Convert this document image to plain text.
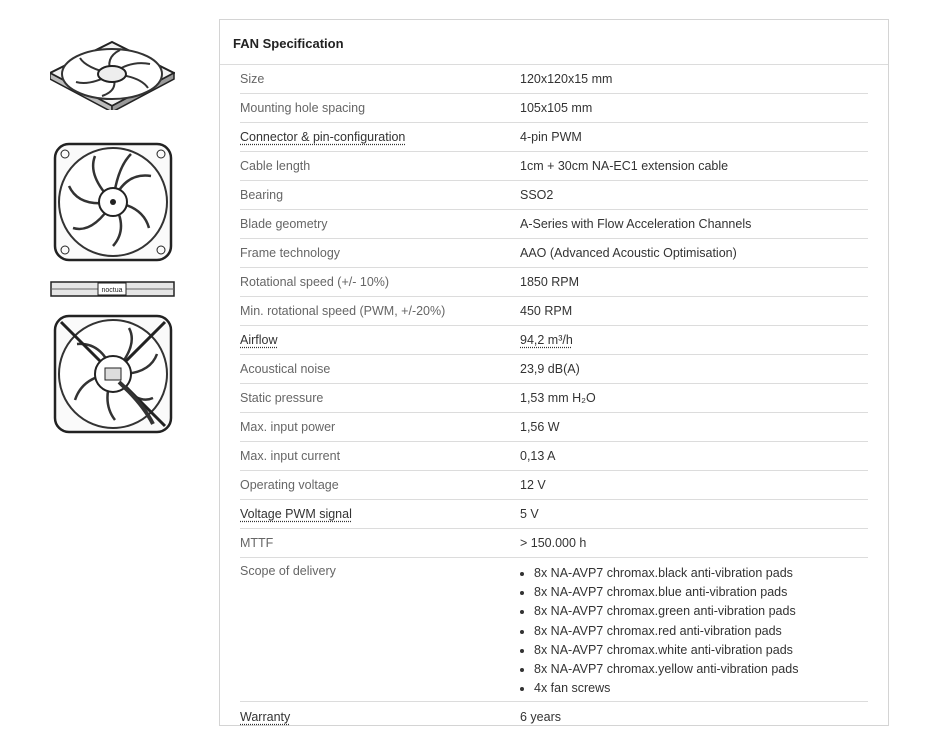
noctua
FAN Specification
Size	120x120x15 mm
Mounting hole spacing	105x105 mm
Connector & pin-configuration	4-pin PWM
Cable length	1cm + 30cm NA-EC1 extension cable
Bearing	SSO2
Blade geometry	A-Series with Flow Acceleration Channels
Frame technology	AAO (Advanced Acoustic Optimisation)
Rotational speed (+/- 10%)	1850 RPM
Min. rotational speed (PWM, +/-20%)	450 RPM
Airflow	94,2 m³/h
Acoustical noise	23,9 dB(A)
Static pressure	1,53 mm H₂O
Max. input power	1,56 W
Max. input current	0,13 A
Operating voltage	12 V
Voltage PWM signal	5 V
MTTF	> 150.000 h
Scope of delivery
•	8x NA-AVP7 chromax.black anti-vibration pads
• 8x NA-AVP7 chromax.blue anti-vibration pads
• 8x NA-AVP7 chromax.green anti-vibration pads
• 8x NA-AVP7 chromax.red anti-vibration pads
• 8x NA-AVP7 chromax.white anti-vibration pads
• 8x NA-AVP7 chromax.yellow anti-vibration pads
• 4x fan screws
Warranty	6 years
